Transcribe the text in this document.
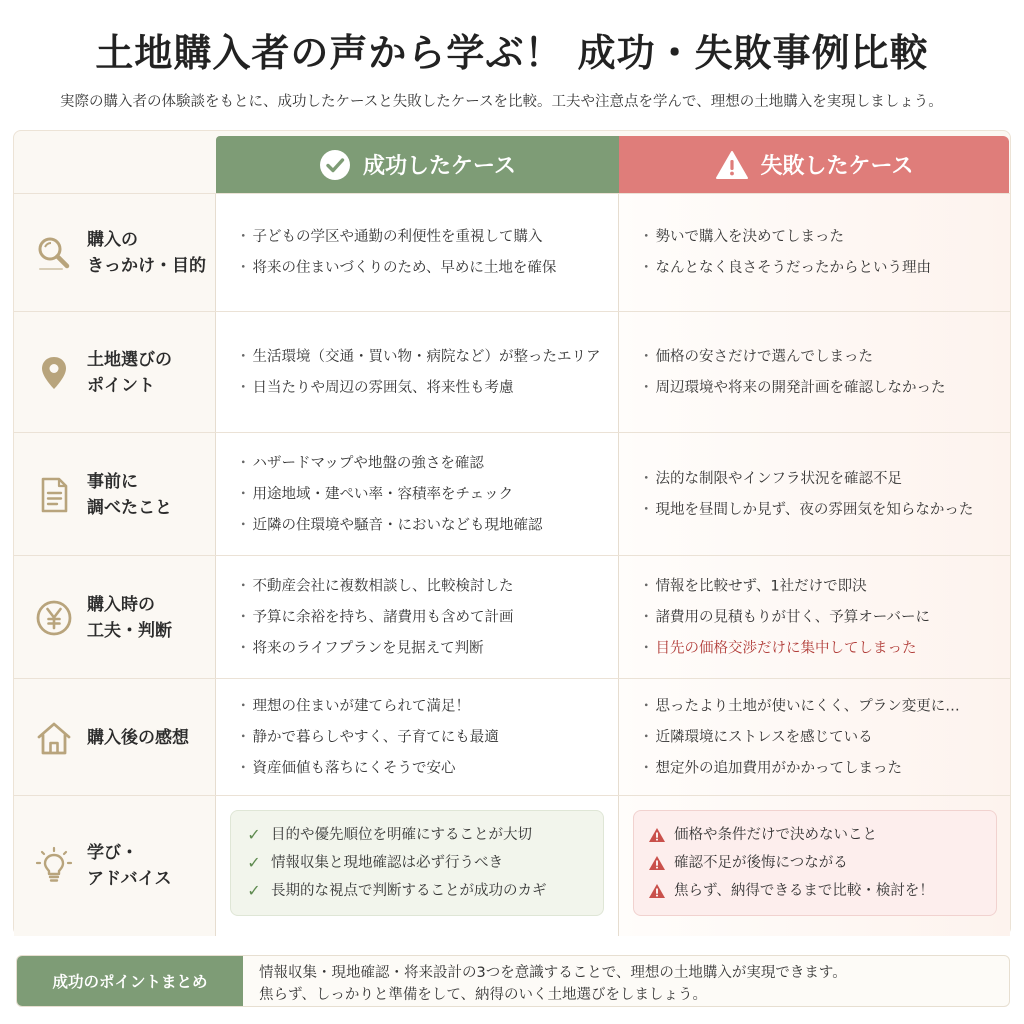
土地購入者の声から学ぶ！ 成功・失敗事例比較
実際の購入者の体験談をもとに、成功したケースと失敗したケースを比較。工夫や注意点を学んで、理想の土地購入を実現しましょう。
成功したケース	失敗したケース
購入の
きっかけ・目的
・ 子どもの学区や通勤の利便性を重視して購入
・ 将来の住まいづくりのため、早めに土地を確保
・ 勢いで購入を決めてしまった
・ なんとなく良さそうだったからという理由
土地選びの
ポイント
・ 生活環境（交通・買い物・病院など）が整ったエリア
・ 日当たりや周辺の雰囲気、将来性も考慮
・ 価格の安さだけで選んでしまった
・ 周辺環境や将来の開発計画を確認しなかった
事前に
調べたこと
・ ハザードマップや地盤の強さを確認
・ 用途地域・建ぺい率・容積率をチェック
・ 近隣の住環境や騒音・においなども現地確認
・ 法的な制限やインフラ状況を確認不足
・ 現地を昼間しか見ず、夜の雰囲気を知らなかった
購入時の
工夫・判断
・ 不動産会社に複数相談し、比較検討した
・ 予算に余裕を持ち、諸費用も含めて計画
・ 将来のライフプランを見据えて判断
・ 情報を比較せず、1社だけで即決
・ 諸費用の見積もりが甘く、予算オーバーに
・ 目先の価格交渉だけに集中してしまった
購入後の感想
・ 理想の住まいが建てられて満足！
・ 静かで暮らしやすく、子育てにも最適
・ 資産価値も落ちにくそうで安心
・ 思ったより土地が使いにくく、プラン変更に…
・ 近隣環境にストレスを感じている
・ 想定外の追加費用がかかってしまった
学び・
アドバイス
✓ 目的や優先順位を明確にすることが大切
✓ 情報収集と現地確認は必ず行うべき
✓ 長期的な視点で判断することが成功のカギ
価格や条件だけで決めないこと
確認不足が後悔につながる
焦らず、納得できるまで比較・検討を！
成功のポイントまとめ	情報収集・現地確認・将来設計の3つを意識することで、理想の土地購入が実現できます。
焦らず、しっかりと準備をして、納得のいく土地選びをしましょう。
